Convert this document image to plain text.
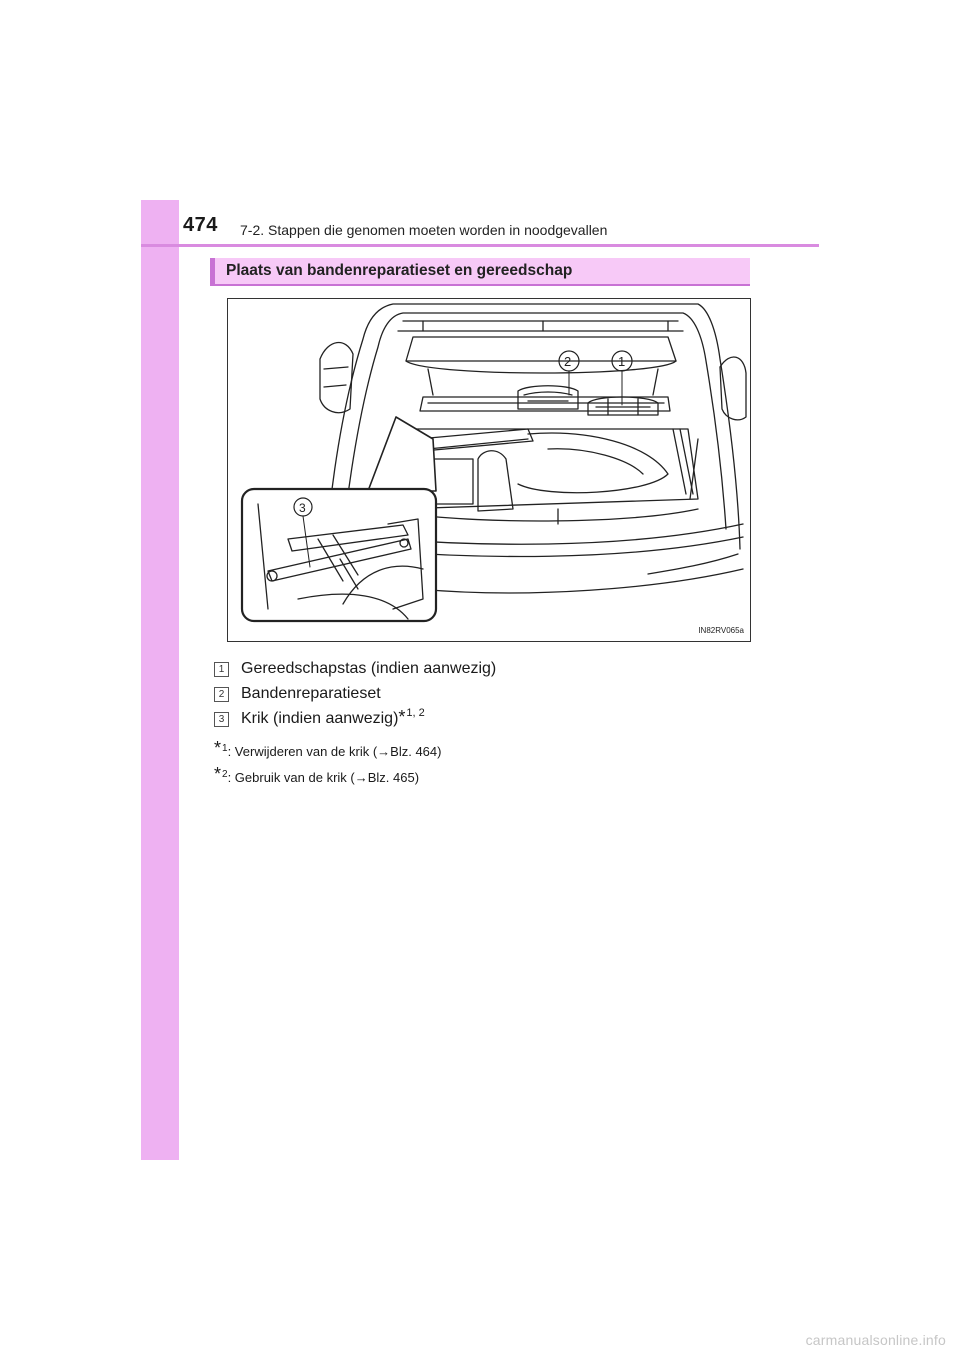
474 7-2. Stappen die genomen moeten worden in noodgevallen
Plaats van bandenreparatieset en gereedschap
2	1
3
IN82RV065a
1 Gereedschapstas (indien aanwezig)
2 Bandenreparatieset
3 Krik (indien aanwezig) * 1, 2
*$^1$: Verwijderen van de krik (→Blz. 464)
*$^2$: Gebruik van de krik (→Blz. 465)
carmanualsonline.info
